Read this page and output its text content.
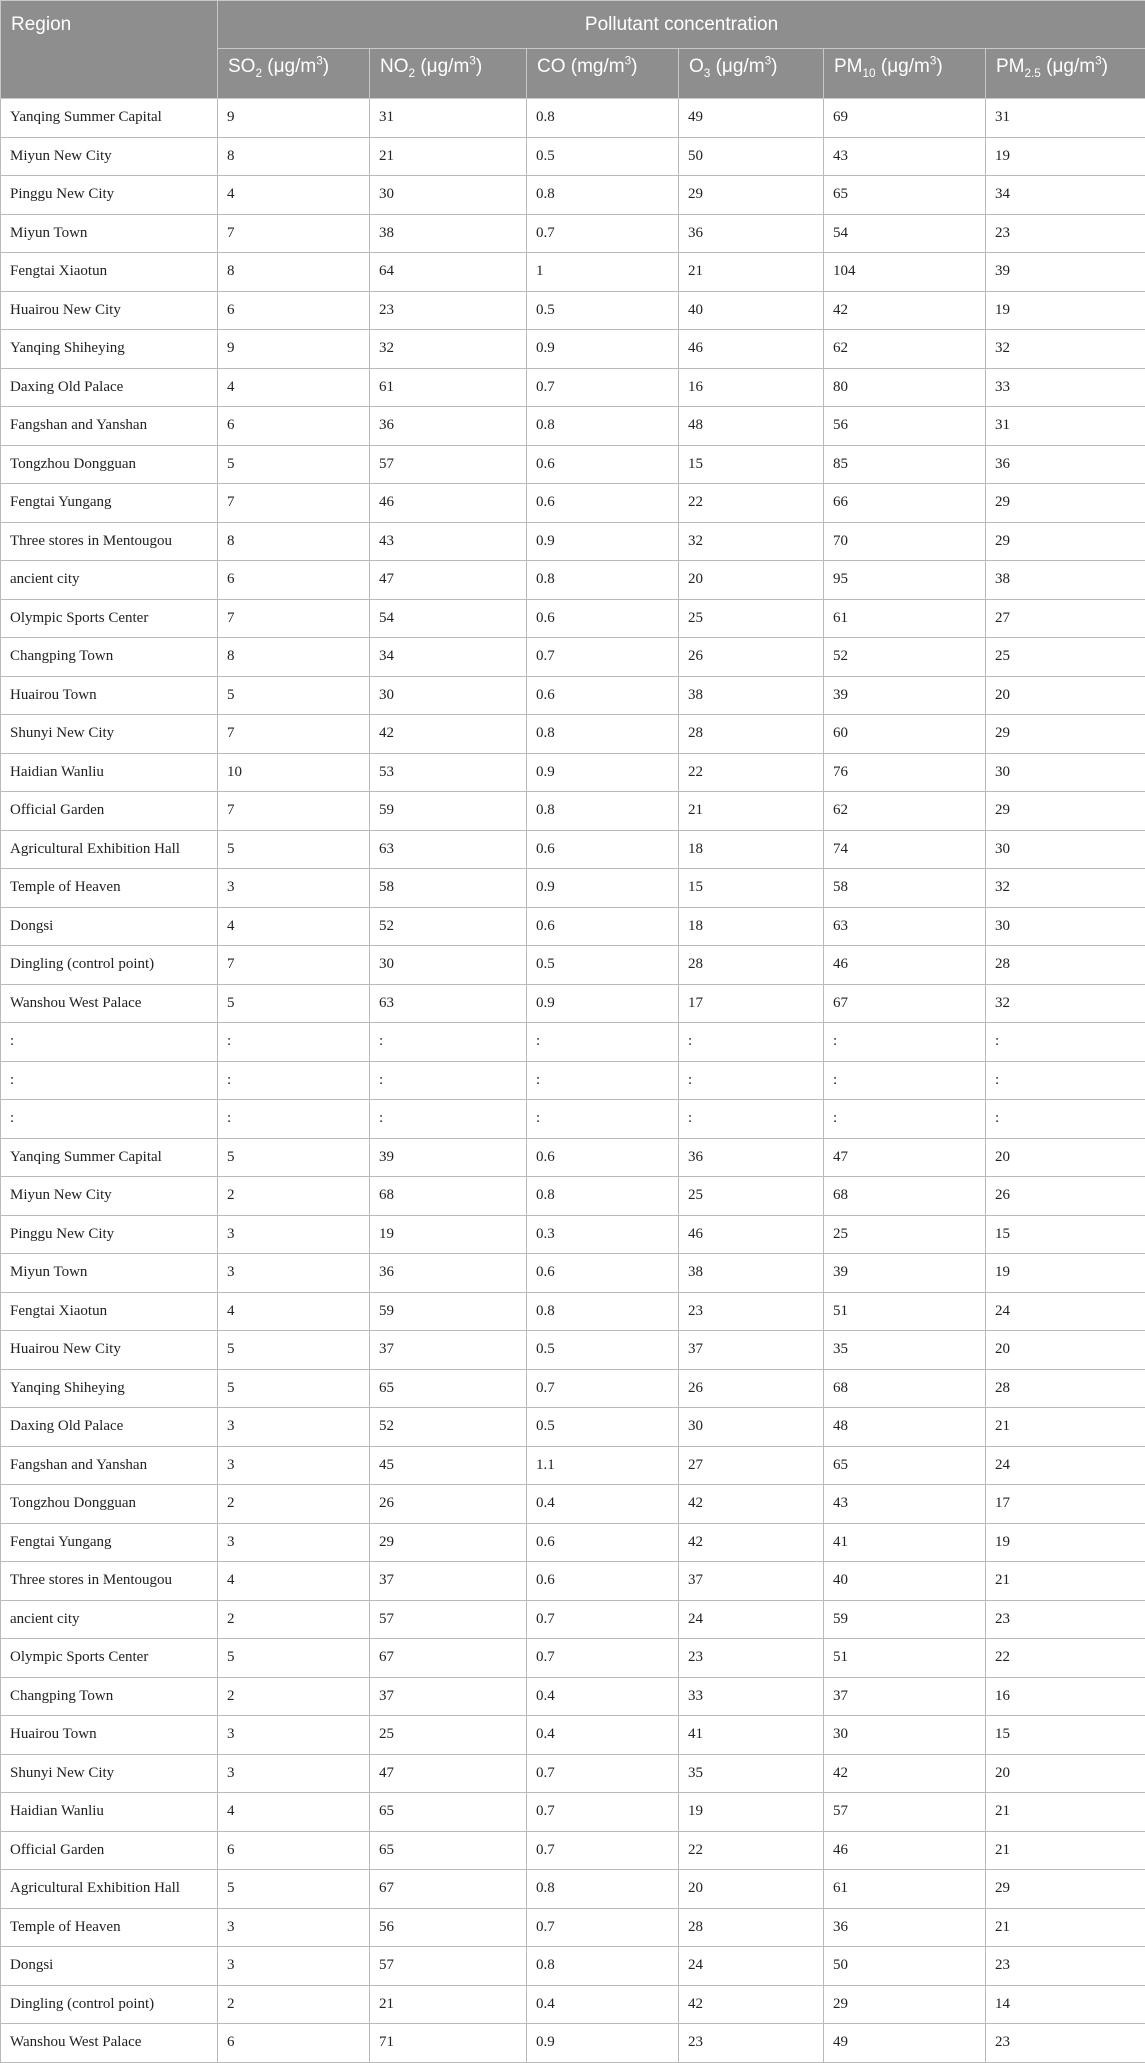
Region	Pollutant concentration					
	$SO_2$ $(\mu g/m^3)$	$NO_2$ $(\mu g/m^3)$	CO $(mg/m^3)$	$O_3$ $(\mu g/m^3)$	$PM_{10}$ $(\mu g/m^3)$	$PM_{2.5}$ $(\mu g/m^3)$
Yanqing Summer Capital	9	31	0.8	49	69	31
Miyun New City	8	21	0.5	50	43	19
Pinggu New City	4	30	0.8	29	65	34
Miyun Town	7	38	0.7	36	54	23
Fengtai Xiaotun	8	64	1	21	104	39
Huairou New City	6	23	0.5	40	42	19
Yanqing Shiheying	9	32	0.9	46	62	32
Daxing Old Palace	4	61	0.7	16	80	33
Fangshan and Yanshan	6	36	0.8	48	56	31
Tongzhou Dongguan	5	57	0.6	15	85	36
Fengtai Yungang	7	46	0.6	22	66	29
Three stores in Mentougou	8	43	0.9	32	70	29
ancient city	6	47	0.8	20	95	38
Olympic Sports Center	7	54	0.6	25	61	27
Changping Town	8	34	0.7	26	52	25
Huairou Town	5	30	0.6	38	39	20
Shunyi New City	7	42	0.8	28	60	29
Haidian Wanliu	10	53	0.9	22	76	30
Official Garden	7	59	0.8	21	62	29
Agricultural Exhibition Hall	5	63	0.6	18	74	30
Temple of Heaven	3	58	0.9	15	58	32
Dongsi	4	52	0.6	18	63	30
Dingling (control point)	7	30	0.5	28	46	28
Wanshou West Palace	5	63	0.9	17	67	32
:	:	:	:	:	:	:
:	:	:	:	:	:	:
:	:	:	:	:	:	:
Yanqing Summer Capital	5	39	0.6	36	47	20
Miyun New City	2	68	0.8	25	68	26
Pinggu New City	3	19	0.3	46	25	15
Miyun Town	3	36	0.6	38	39	19
Fengtai Xiaotun	4	59	0.8	23	51	24
Huairou New City	5	37	0.5	37	35	20
Yanqing Shiheying	5	65	0.7	26	68	28
Daxing Old Palace	3	52	0.5	30	48	21
Fangshan and Yanshan	3	45	1.1	27	65	24
Tongzhou Dongguan	2	26	0.4	42	43	17
Fengtai Yungang	3	29	0.6	42	41	19
Three stores in Mentougou	4	37	0.6	37	40	21
ancient city	2	57	0.7	24	59	23
Olympic Sports Center	5	67	0.7	23	51	22
Changping Town	2	37	0.4	33	37	16
Huairou Town	3	25	0.4	41	30	15
Shunyi New City	3	47	0.7	35	42	20
Haidian Wanliu	4	65	0.7	19	57	21
Official Garden	6	65	0.7	22	46	21
Agricultural Exhibition Hall	5	67	0.8	20	61	29
Temple of Heaven	3	56	0.7	28	36	21
Dongsi	3	57	0.8	24	50	23
Dingling (control point)	2	21	0.4	42	29	14
Wanshou West Palace	6	71	0.9	23	49	23
